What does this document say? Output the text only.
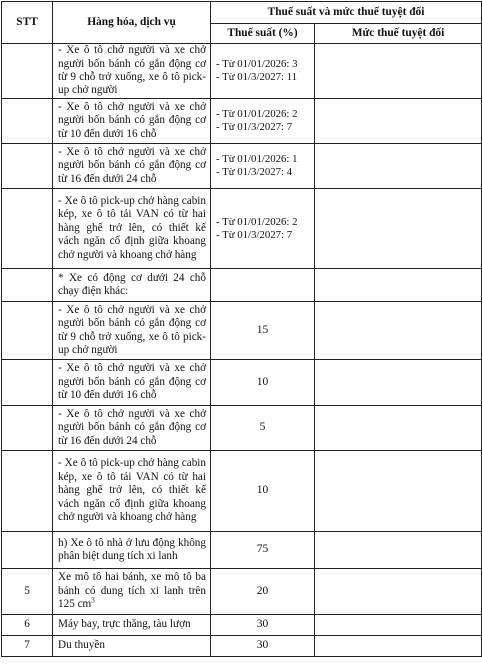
STT	Hàng hóa, dịch vụ	Thuế suất và mức thuế tuyệt đối	
		Thuế suất (%)	Mức thuế tuyệt đối
	- Xe ô tô chở người và xe chở người bốn bánh có gắn động cơ từ 9 chỗ trở xuống, xe ô tô pick-up chở người	- Từ 01/01/2026: 3
- Từ 01/3/2027: 11	

	- Xe ô tô chở người và xe chở người bốn bánh có gắn động cơ từ 10 đến dưới 16 chỗ	- Từ 01/01/2026: 2
- Từ 01/3/2027: 7	

	- Xe ô tô chở người và xe chở người bốn bánh có gắn động cơ từ 16 đến dưới 24 chỗ	- Từ 01/01/2026: 1
- Từ 01/3/2027: 4	

	- Xe ô tô pick-up chở hàng cabin kép, xe ô tô tải VAN có từ hai hàng ghế trở lên, có thiết kế vách ngăn cố định giữa khoang chở người và khoang chở hàng	- Từ 01/01/2026: 2
- Từ 01/3/2027: 7	

	* Xe có động cơ dưới 24 chỗ chạy điện khác:		
	- Xe ô tô chở người và xe chở người bốn bánh có gắn động cơ từ 9 chỗ trở xuống, xe ô tô pick-up chở người	15	
	- Xe ô tô chở người và xe chở người bốn bánh có gắn động cơ từ 10 đến dưới 16 chỗ	10	
	- Xe ô tô chở người và xe chở người bốn bánh có gắn động cơ từ 16 đến dưới 24 chỗ	5	
	- Xe ô tô pick-up chở hàng cabin kép, xe ô tô tải VAN có từ hai hàng ghế trở lên, có thiết kế vách ngăn cố định giữa khoang chở người và khoang chở hàng	10	
	h) Xe ô tô nhà ở lưu động không phân biệt dung tích xi lanh	75	
5	Xe mô tô hai bánh, xe mô tô ba bánh có dung tích xi lanh trên 125 $cm^3$	20	
6	Máy bay, trực thăng, tàu lượn	30	
7	Du thuyền	30	
